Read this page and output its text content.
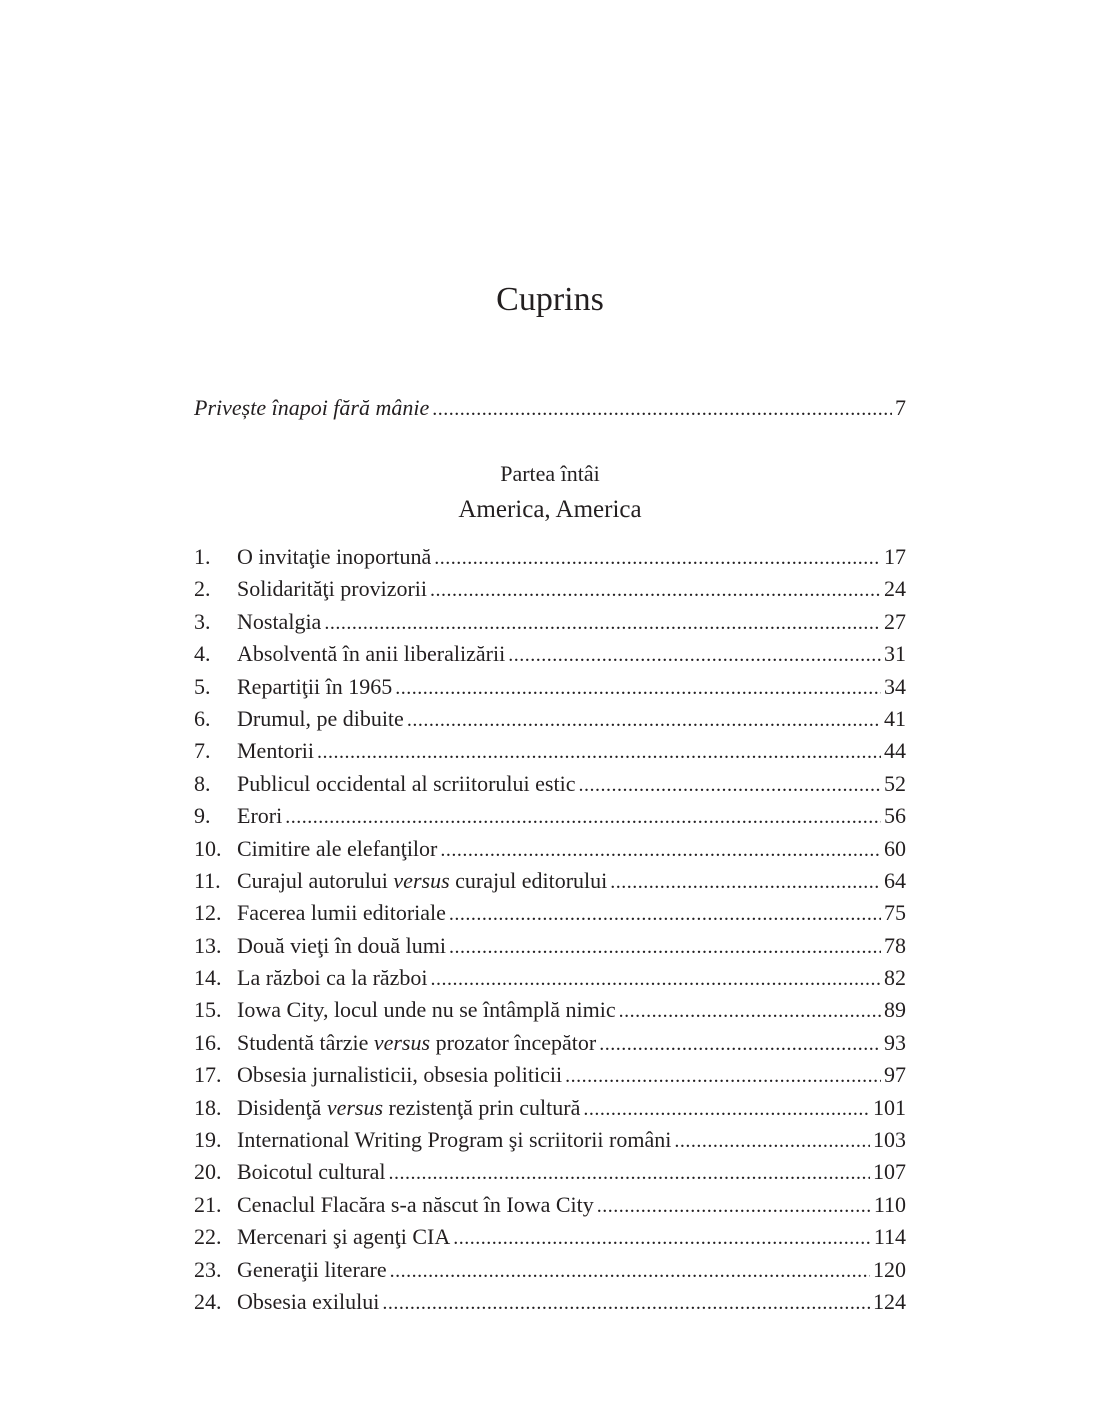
Cuprins
Privește înapoi fără mânie .....	7
Partea întâi
America, America
1.	O invitaţie inoportună .....	17
2.	Solidarităţi provizorii .....	24
3.	Nostalgia .....	27
4.	Absolventă în anii liberalizării .....	31
5.	Repartiţii în 1965 .....	34
6.	Drumul, pe dibuite .....	41
7.	Mentorii .....	44
8.	Publicul occidental al scriitorului estic .....	52
9.	Erori .....	56
10. Cimitire ale elefanţilor .....	60
11. Curajul autorului versus curajul editorului .....	64
12. Facerea lumii editoriale .....	75
13. Două vieţi în două lumi .....	78
14. La război ca la război .....	82
15. Iowa City, locul unde nu se întâmplă nimic .....	89
16. Studentă târzie versus prozator începător .....	93
17. Obsesia jurnalisticii, obsesia politicii .....	97
18. Disidenţă versus rezistenţă prin cultură .....	101
19. International Writing Program şi scriitorii români .....	103
20. Boicotul cultural .....	107
21. Cenaclul Flacăra s-a născut în Iowa City .....	110
22. Mercenari şi agenţi CIA .....	114
23. Generaţii literare .....	120
24. Obsesia exilului .....	124
